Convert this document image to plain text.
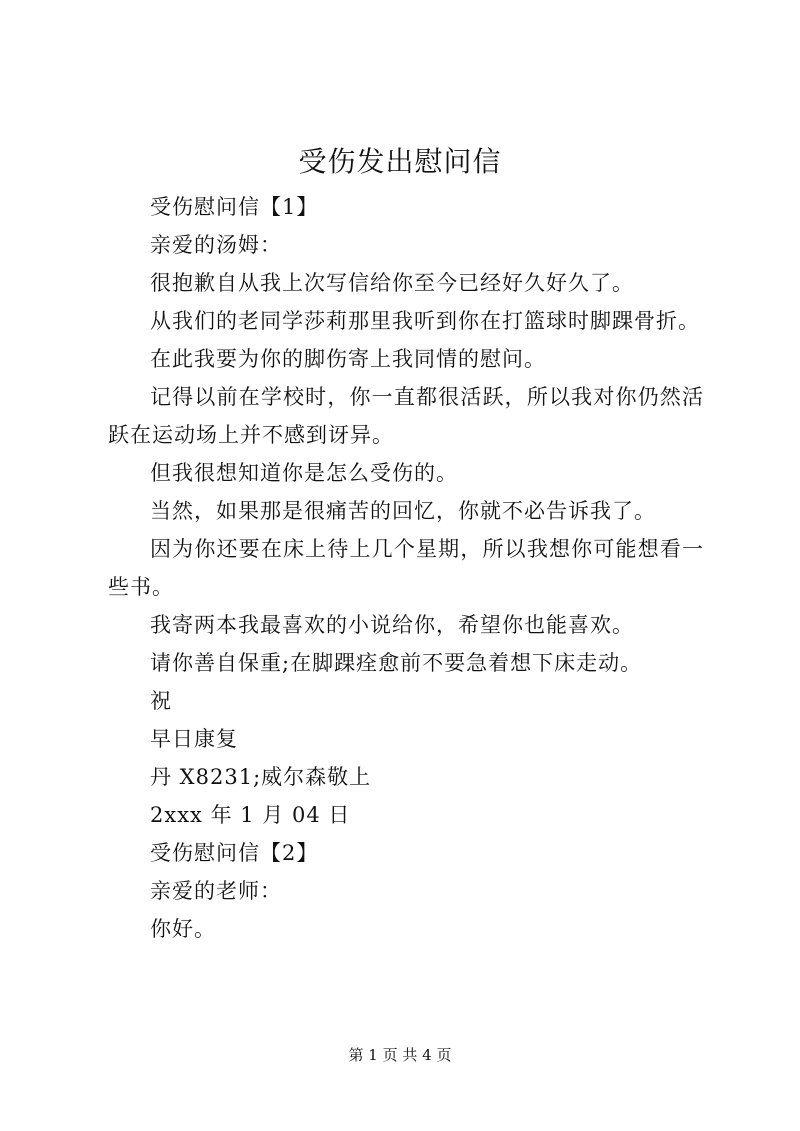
受伤发出慰问信

受伤慰问信【1】

亲爱的汤姆：

很抱歉自从我上次写信给你至今已经好久好久了。

从我们的老同学莎莉那里我听到你在打篮球时脚踝骨折。

在此我要为你的脚伤寄上我同情的慰问。

记得以前在学校时，你一直都很活跃，所以我对你仍然活跃在运动场上并不感到讶异。

但我很想知道你是怎么受伤的。

当然，如果那是很痛苦的回忆，你就不必告诉我了。

因为你还要在床上待上几个星期，所以我想你可能想看一些书。

我寄两本我最喜欢的小说给你，希望你也能喜欢。

请你善自保重;在脚踝痊愈前不要急着想下床走动。

祝

早日康复

丹 X8231;威尔森敬上

2xxx 年 1 月 04 日

受伤慰问信【2】

亲爱的老师：

你好。

第 1 页 共 4 页
